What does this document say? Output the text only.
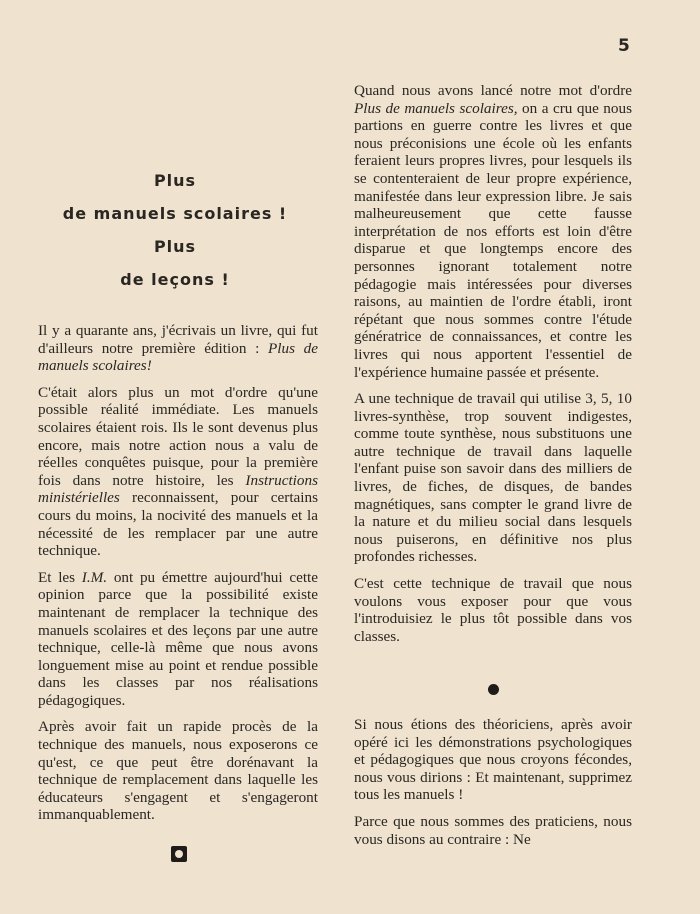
5
Plus
de manuels scolaires !
Plus
de leçons !

Il y a quarante ans, j'écrivais un livre, qui fut d'ailleurs notre première édition : Plus de manuels scolaires!

C'était alors plus un mot d'ordre qu'une possible réalité immédiate. Les manuels scolaires étaient rois. Ils le sont devenus plus encore, mais notre action nous a valu de réelles conquêtes puisque, pour la première fois dans notre histoire, les Instructions ministérielles reconnaissent, pour certains cours du moins, la nocivité des manuels et la nécessité de les remplacer par une autre technique.

Et les I.M. ont pu émettre aujourd'hui cette opinion parce que la possibilité existe maintenant de remplacer la technique des manuels scolaires et des leçons par une autre technique, celle-là même que nous avons longuement mise au point et rendue possible dans les classes par nos réalisations pédagogiques.

Après avoir fait un rapide procès de la technique des manuels, nous exposerons ce qu'est, ce que peut être dorénavant la technique de remplacement dans laquelle les éducateurs s'engagent et s'engageront immanquablement.

Quand nous avons lancé notre mot d'ordre Plus de manuels scolaires, on a cru que nous partions en guerre contre les livres et que nous préconisions une école où les enfants feraient leurs propres livres, pour lesquels ils se contenteraient de leur propre expérience, manifestée dans leur expression libre. Je sais malheureusement que cette fausse interprétation de nos efforts est loin d'être disparue et que longtemps encore des personnes ignorant totalement notre pédagogie mais intéressées pour diverses raisons, au maintien de l'ordre établi, iront répétant que nous sommes contre l'étude génératrice de connaissances, et contre les livres qui nous apportent l'essentiel de l'expérience humaine passée et présente.

A une technique de travail qui utilise 3, 5, 10 livres-synthèse, trop souvent indigestes, comme toute synthèse, nous substituons une autre technique de travail dans laquelle l'enfant puise son savoir dans des milliers de livres, de fiches, de disques, de bandes magnétiques, sans compter le grand livre de la nature et du milieu social dans lesquels nous puiserons, en définitive nos plus profondes richesses.

C'est cette technique de travail que nous voulons vous exposer pour que vous l'introduisiez le plus tôt possible dans vos classes.

Si nous étions des théoriciens, après avoir opéré ici les démonstrations psychologiques et pédagogiques que nous croyons fécondes, nous vous dirions : Et maintenant, supprimez tous les manuels !

Parce que nous sommes des praticiens, nous vous disons au contraire : Ne
